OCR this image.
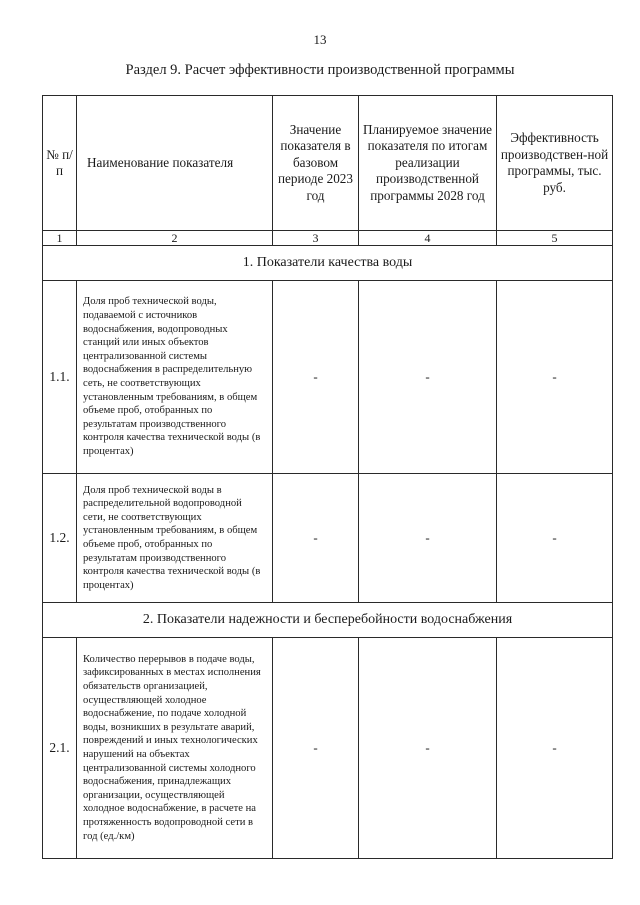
13
Раздел 9. Расчет эффективности производственной программы
№ п/п	Наименование показателя	Значение показателя в базовом периоде 2023 год	Планируемое значение показателя по итогам реализации производственной программы 2028 год	Эффективность производствен-ной программы, тыс. руб.
1	2	3	4	5
1. Показатели качества воды				
1.1.	Доля проб технической воды, подаваемой с источников водоснабжения, водопроводных станций или иных объектов централизованной системы водоснабжения в распределительную сеть, не соответствующих установленным требованиям, в общем объеме проб, отобранных по результатам производственного контроля качества технической воды (в процентах)	-	-	-
1.2.	Доля проб технической воды в распределительной водопроводной сети, не соответствующих установленным требованиям, в общем объеме проб, отобранных по результатам производственного контроля качества технической воды (в процентах)	-	-	-
2. Показатели надежности и бесперебойности водоснабжения				
2.1.	Количество перерывов в подаче воды, зафиксированных в местах исполнения обязательств организацией, осуществляющей холодное водоснабжение, по подаче холодной воды, возникших в результате аварий, повреждений и иных технологических нарушений на объектах централизованной системы холодного водоснабжения, принадлежащих организации, осуществляющей холодное водоснабжение, в расчете на протяженность водопроводной сети в год (ед./км)	-	-	-
